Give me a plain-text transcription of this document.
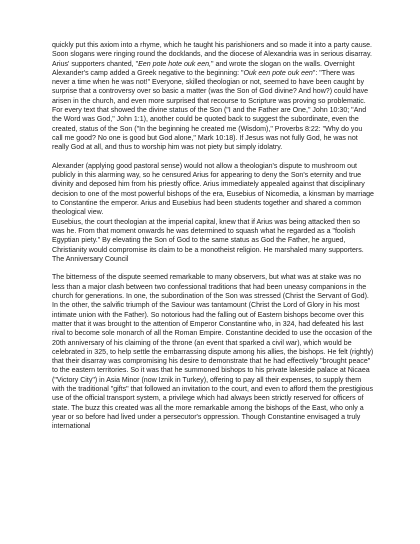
quickly put this axiom into a rhyme, which he taught his parishioners and so made it into a party cause. Soon slogans were ringing round the docklands, and the diocese of Alexandria was in serious disarray. Arius' supporters chanted, "Een pote hote ouk een," and wrote the slogan on the walls. Overnight Alexander's camp added a Greek negative to the beginning: "Ouk een pote ouk een": "There was never a time when he was not!" Everyone, skilled theologian or not, seemed to have been caught by surprise that a controversy over so basic a matter (was the Son of God divine? And how?) could have arisen in the church, and even more surprised that recourse to Scripture was proving so problematic. For every text that showed the divine status of the Son ("I and the Father are One," John 10:30; "And the Word was God," John 1:1), another could be quoted back to suggest the subordinate, even the created, status of the Son ("In the beginning he created me (Wisdom)," Proverbs 8:22: "Why do you call me good? No one is good but God alone," Mark 10:18). If Jesus was not fully God, he was not really God at all, and thus to worship him was not piety but simply idolatry.

Alexander (applying good pastoral sense) would not allow a theologian's dispute to mushroom out publicly in this alarming way, so he censured Arius for appearing to deny the Son's eternity and true divinity and deposed him from his priestly office. Arius immediately appealed against that disciplinary decision to one of the most powerful bishops of the era, Eusebius of Nicomedia, a kinsman by marriage to Constantine the emperor. Arius and Eusebius had been students together and shared a common theological view.

Eusebius, the court theologian at the imperial capital, knew that if Arius was being attacked then so was he. From that moment onwards he was determined to squash what he regarded as a "foolish Egyptian piety." By elevating the Son of God to the same status as God the Father, he argued, Christianity would compromise its claim to be a monotheist religion. He marshaled many supporters. The Anniversary Council

The bitterness of the dispute seemed remarkable to many observers, but what was at stake was no less than a major clash between two confessional traditions that had been uneasy companions in the church for generations. In one, the subordination of the Son was stressed (Christ the Servant of God). In the other, the salvific triumph of the Saviour was tantamount (Christ the Lord of Glory in his most intimate union with the Father). So notorious had the falling out of Eastern bishops become over this matter that it was brought to the attention of Emperor Constantine who, in 324, had defeated his last rival to become sole monarch of all the Roman Empire. Constantine decided to use the occasion of the 20th anniversary of his claiming of the throne (an event that sparked a civil war), which would be celebrated in 325, to help settle the embarrassing dispute among his allies, the bishops. He felt (rightly) that their disarray was compromising his desire to demonstrate that he had effectively "brought peace" to the eastern territories. So it was that he summoned bishops to his private lakeside palace at Nicaea ("Victory City") in Asia Minor (now Iznik in Turkey), offering to pay all their expenses, to supply them with the traditional "gifts" that followed an invitation to the court, and even to afford them the prestigious use of the official transport system, a privilege which had always been strictly reserved for officers of state. The buzz this created was all the more remarkable among the bishops of the East, who only a year or so before had lived under a persecutor's oppression. Though Constantine envisaged a truly international
